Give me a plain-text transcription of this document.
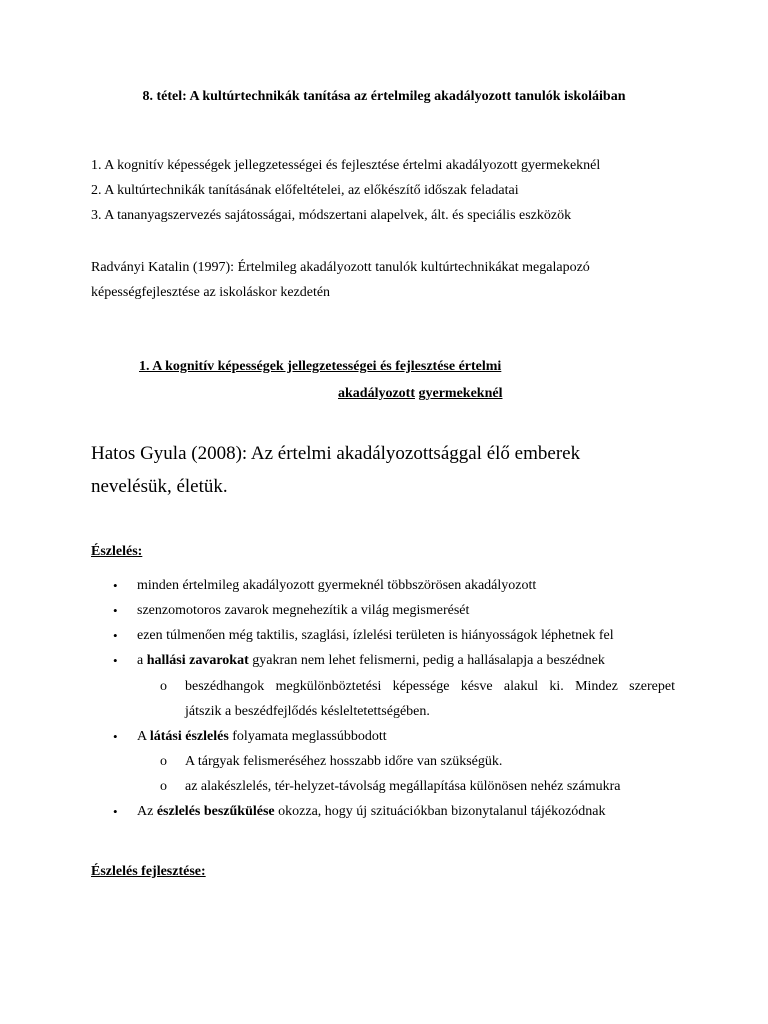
8. tétel: A kultúrtechnikák tanítása az értelmileg akadályozott tanulók iskoláiban
1. A kognitív képességek jellegzetességei és fejlesztése értelmi akadályozott gyermekeknél
2. A kultúrtechnikák tanításának előfeltételei, az előkészítő időszak feladatai
3. A tananyagszervezés sajátosságai, módszertani alapelvek, ált. és speciális eszközök
Radványi Katalin (1997): Értelmileg akadályozott tanulók kultúrtechnikákat megalapozó
képességfejlesztése az iskoláskor kezdetén
1. A kognitív képességek jellegzetességei és fejlesztése értelmi
akadályozott gyermekeknél
Hatos Gyula (2008): Az értelmi akadályozottsággal élő emberek
nevelésük, életük.
Észlelés:
• minden értelmileg akadályozott gyermeknél többszörösen akadályozott
• szenzomotoros zavarok megnehezítik a világ megismerését
• ezen túlmenően még taktilis, szaglási, ízlelési területen is hiányosságok léphetnek fel
• a hallási zavarokat gyakran nem lehet felismerni, pedig a hallásalapja a beszédnek
o beszédhangok megkülönböztetési képessége késve alakul ki. Mindez szerepet
játszik a beszédfejlődés késleltetettségében.
• A látási észlelés folyamata meglassúbbodott
o A tárgyak felismeréséhez hosszabb időre van szükségük.
o az alakészlelés, tér-helyzet-távolság megállapítása különösen nehéz számukra
• Az észlelés beszűkülése okozza, hogy új szituációkban bizonytalanul tájékozódnak
Észlelés fejlesztése:
